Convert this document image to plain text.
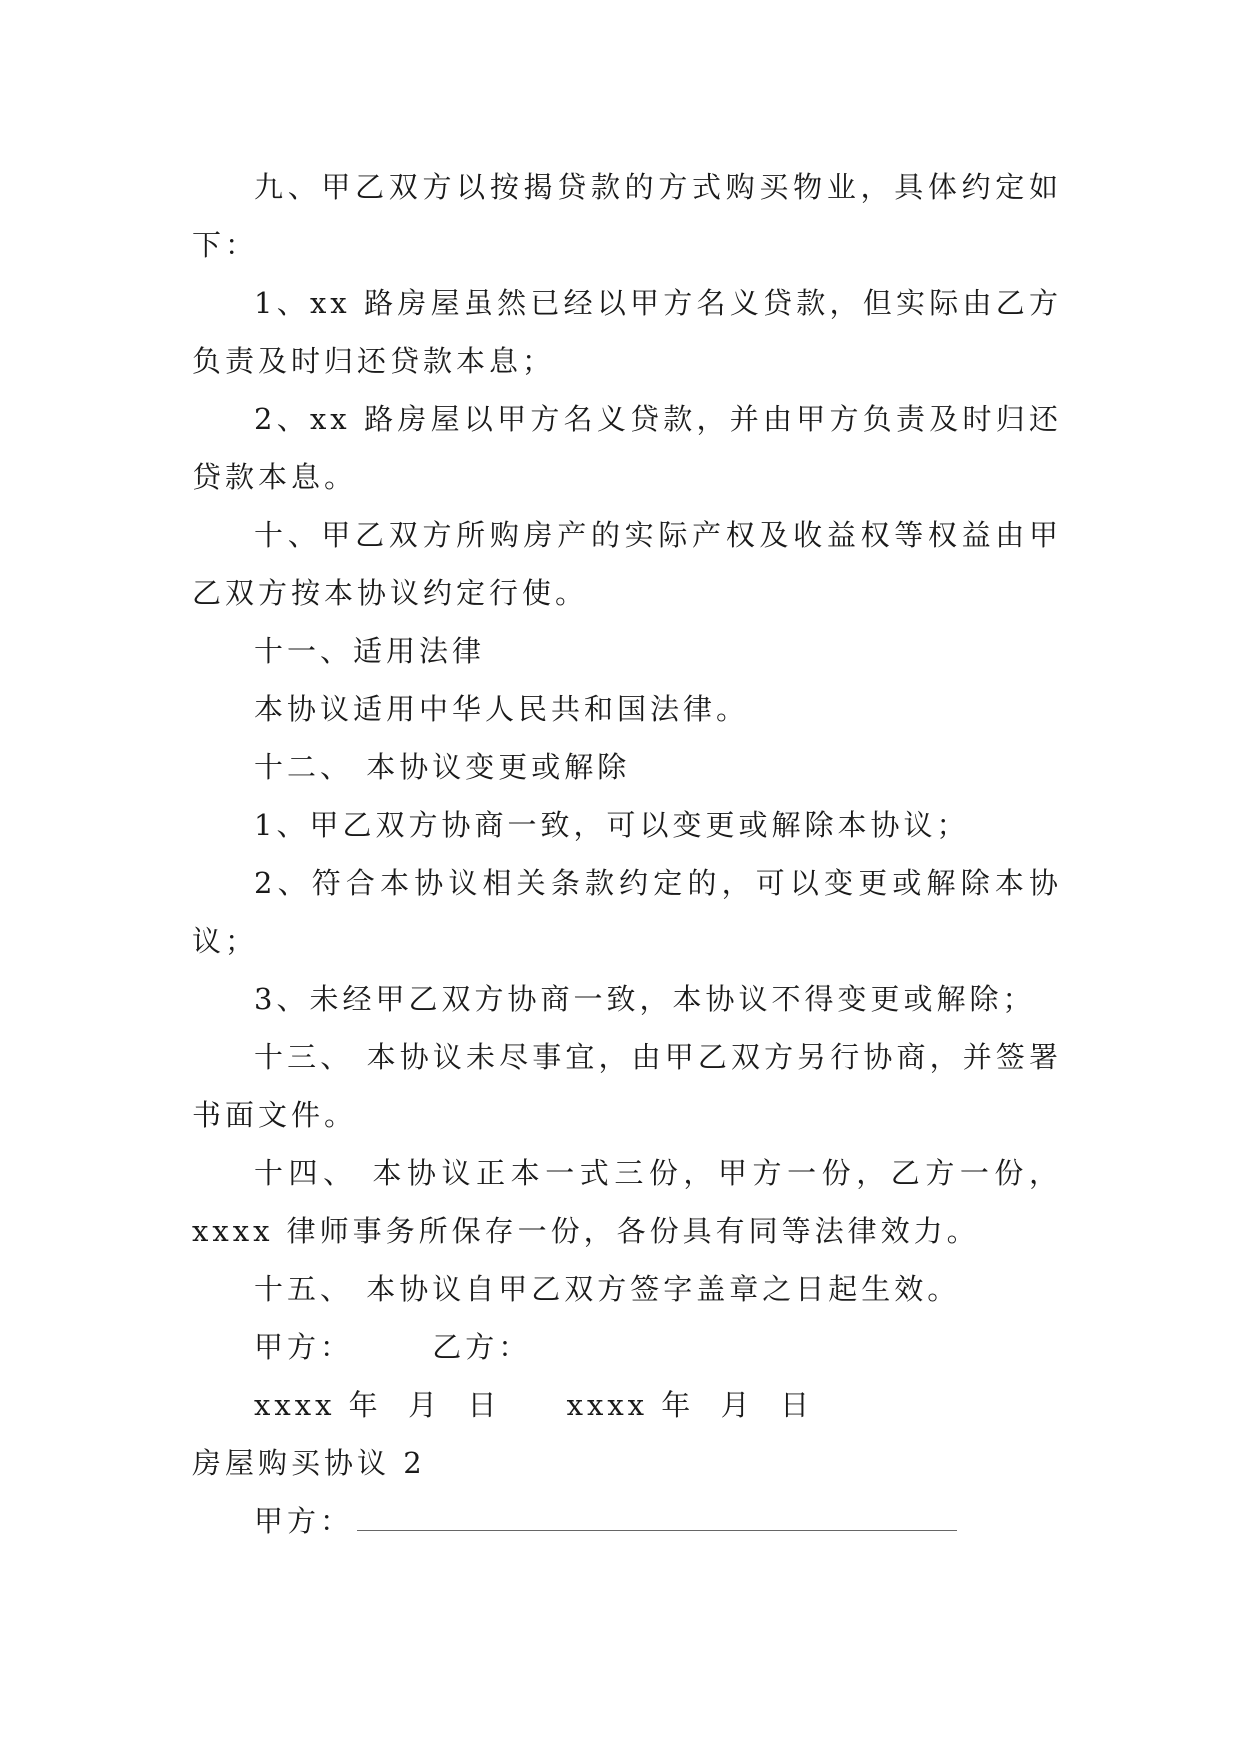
九、甲乙双方以按揭贷款的方式购买物业，具体约定如下：

1、xx 路房屋虽然已经以甲方名义贷款，但实际由乙方负责及时归还贷款本息；

2、xx 路房屋以甲方名义贷款，并由甲方负责及时归还贷款本息。

十、甲乙双方所购房产的实际产权及收益权等权益由甲乙双方按本协议约定行使。

十一、适用法律

本协议适用中华人民共和国法律。

十二、 本协议变更或解除

1、甲乙双方协商一致，可以变更或解除本协议；

2、符合本协议相关条款约定的，可以变更或解除本协议；

3、未经甲乙双方协商一致，本协议不得变更或解除；

十三、 本协议未尽事宜，由甲乙双方另行协商，并签署书面文件。

十四、 本协议正本一式三份，甲方一份，乙方一份，xxxx 律师事务所保存一份，各份具有同等法律效力。

十五、 本协议自甲乙双方签字盖章之日起生效。

甲方：      乙方：

xxxx 年  月  日     xxxx 年  月  日

房屋购买协议 2

甲方：
